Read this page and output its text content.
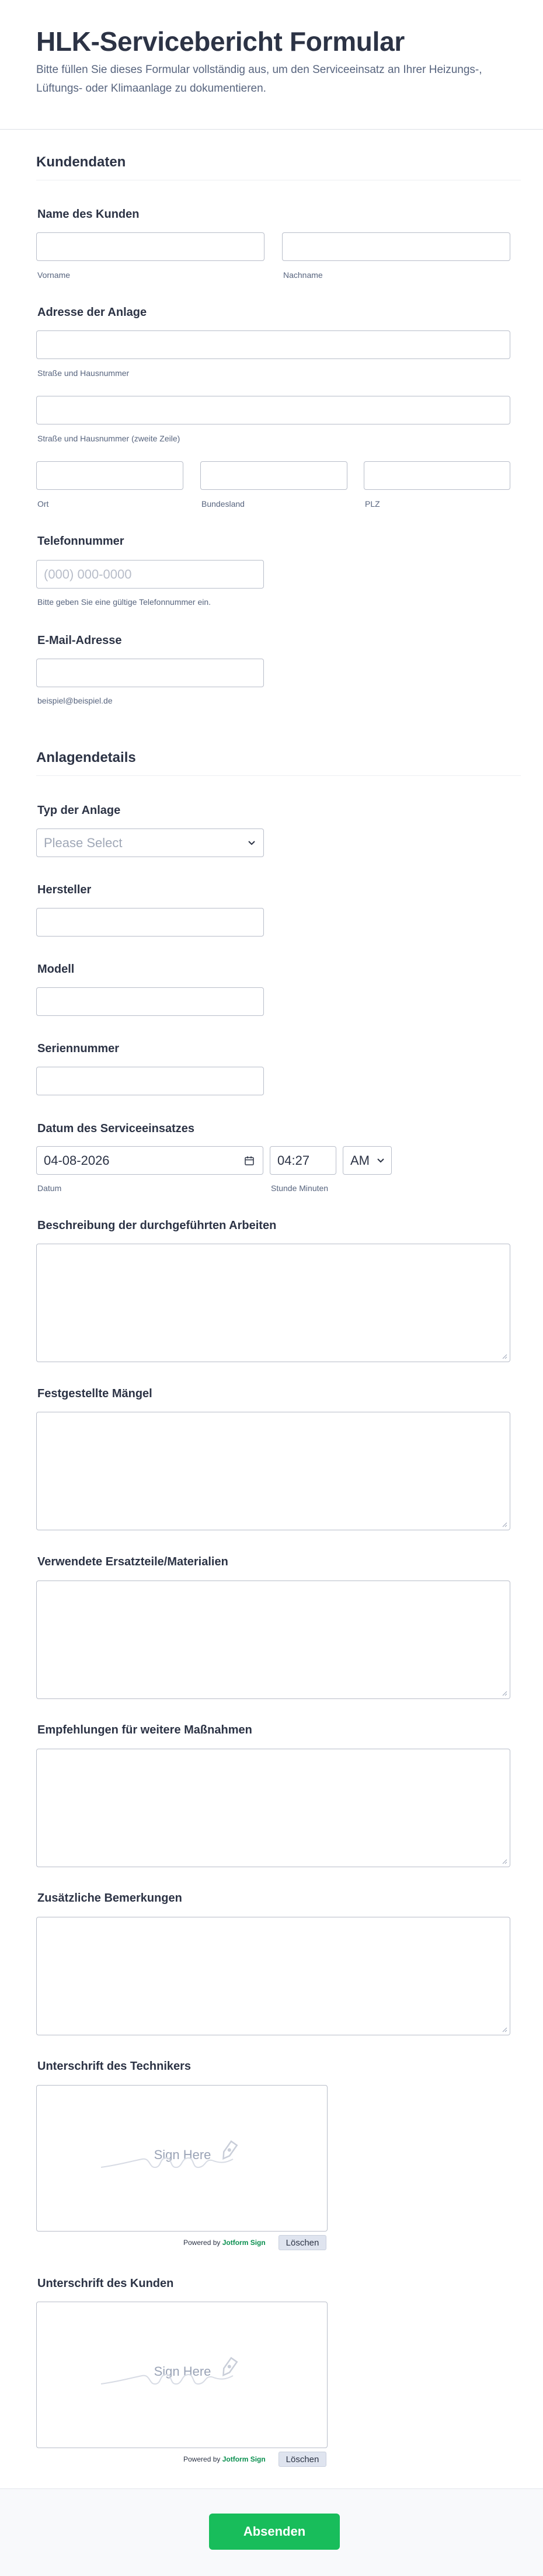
HLK-Servicebericht Formular
Bitte füllen Sie dieses Formular vollständig aus, um den Serviceeinsatz an Ihrer Heizungs-, Lüftungs- oder Klimaanlage zu dokumentieren.
Kundendaten
Name des Kunden
Vorname	Nachname
Adresse der Anlage
Straße und Hausnummer
Straße und Hausnummer (zweite Zeile)
Ort	Bundesland	PLZ
Telefonnummer
(000) 000-0000
Bitte geben Sie eine gültige Telefonnummer ein.
E-Mail-Adresse
beispiel@beispiel.de
Anlagendetails
Typ der Anlage
Please Select
Hersteller
Modell
Seriennummer
Datum des Serviceeinsatzes
04-08-2026	04:27	AM
Datum	Stunde Minuten
Beschreibung der durchgeführten Arbeiten
Festgestellte Mängel
Verwendete Ersatzteile/Materialien
Empfehlungen für weitere Maßnahmen
Zusätzliche Bemerkungen
Unterschrift des Technikers
Sign Here
Powered by Jotform Sign	Löschen
Unterschrift des Kunden
Sign Here
Powered by Jotform Sign	Löschen
Absenden
